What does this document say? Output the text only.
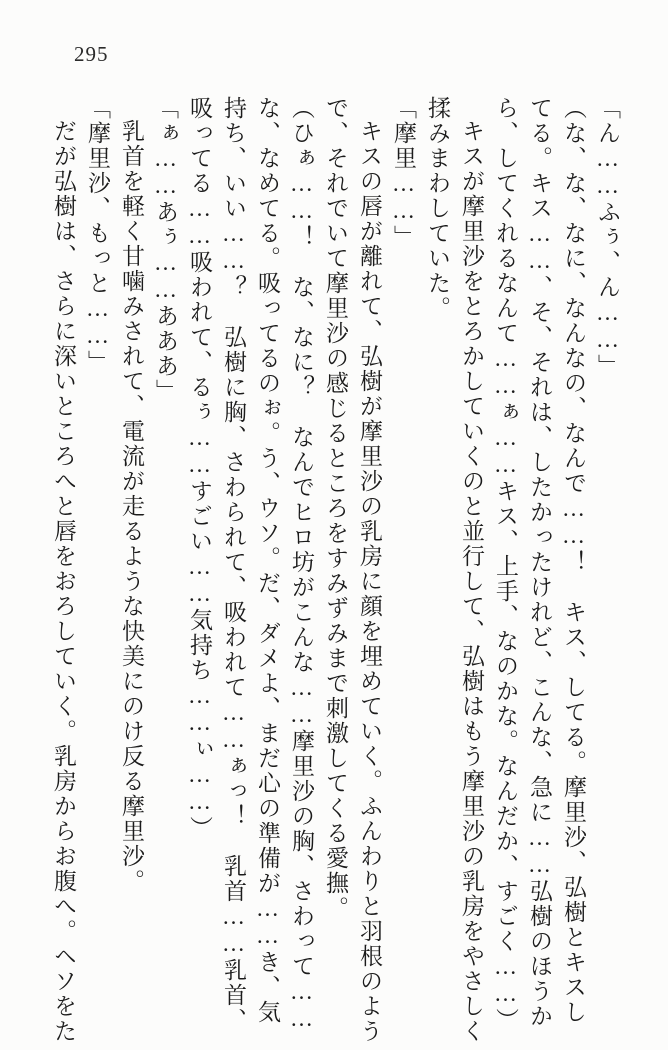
295

「ん……ふぅ、ん……」

（な、な、なに、なんなの、なんで……！　キス、してる。摩里沙、弘樹とキスしてる。キス……、そ、それは、したかったけれど、こんな、急に……弘樹のほうから、してくれるなんて……ぁ……キス、上手、なのかな。なんだか、すごく……）

キスが摩里沙をとろかしていくのと並行して、弘樹はもう摩里沙の乳房をやさしく揉みまわしていた。

「摩里……」

キスの唇が離れて、弘樹が摩里沙の乳房に顔を埋めていく。ふんわりと羽根のようで、それでいて摩里沙の感じるところをすみずみまで刺激してくる愛撫。

（ひぁ……！　な、なに？　なんでヒロ坊がこんな……摩里沙の胸、さわって……な、なめてる。吸ってるのぉ。う、ウソ。だ、ダメよ、まだ心の準備が……き、気持ち、いい……？　弘樹に胸、さわられて、吸われて……ぁっ！　乳首……乳首、吸ってる……吸われて、るぅ……すごい……気持ち……ぃ……）

「ぁ……あぅ……あああ」

乳首を軽く甘噛みされて、電流が走るような快美にのけ反る摩里沙。

「摩里沙、もっと……」

だが弘樹は、さらに深いところへと唇をおろしていく。乳房からお腹へ。ヘソをた
